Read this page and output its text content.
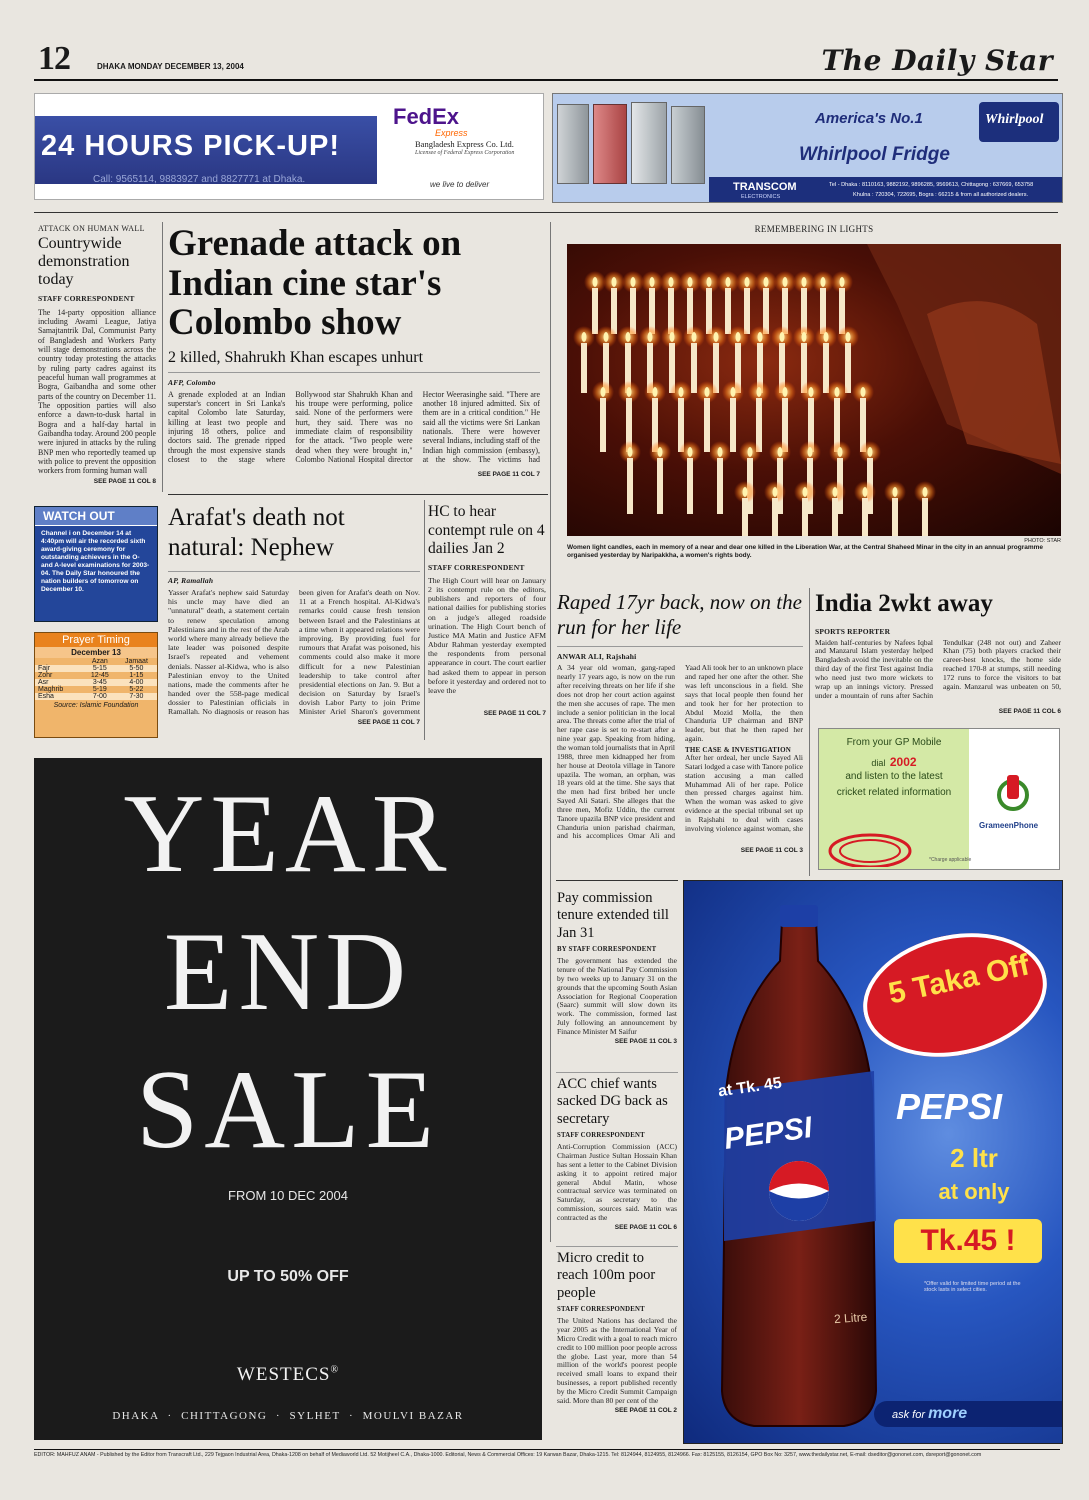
12	DHAKA MONDAY DECEMBER 13, 2004	The Daily Star
24 HOURS PICK-UP!
Call: 9565114, 9883927 and 8827771 at Dhaka.
FedEx
Express
Bangladesh Express Co. Ltd.
Licensee of Federal Express Corporation
we live to deliver
America's No.1
Whirlpool Fridge
Whirlpool
TRANSCOM
ELECTRONICS
Tel - Dhaka : 8110163, 9882192, 9896285, 9569613, Chittagong : 637669, 653758
Khulna : 720304, 722695, Bogra : 66215 & from all authorized dealers.
ATTACK ON HUMAN WALL
Countrywide demonstration today
STAFF CORRESPONDENT
The 14-party opposition alliance including Awami League, Jatiya Samajtantrik Dal, Communist Party of Bangladesh and Workers Party will stage demonstrations across the country today protesting the attacks by ruling party cadres against its peaceful human wall programmes at Bogra, Gaibandha and some other parts of the country on December 11. The opposition parties will also enforce a dawn-to-dusk hartal in Bogra and a half-day hartal in Gaibandha today. Around 200 people were injured in attacks by the ruling BNP men who reportedly teamed up with police to prevent the opposition workers from forming human wall
SEE PAGE 11 COL 8
Grenade attack on Indian cine star's Colombo show
2 killed, Shahrukh Khan escapes unhurt
AFP, Colombo
A grenade exploded at an Indian superstar's concert in Sri Lanka's capital Colombo late Saturday, killing at least two people and injuring 18 others, police and doctors said. The grenade ripped through the most expensive stands closest to the stage where Bollywood star Shahrukh Khan and his troupe were performing, police said. None of the performers were hurt, they said. There was no immediate claim of responsibility for the attack. "Two people were dead when they were brought in," Colombo National Hospital director Hector Weerasinghe said. "There are another 18 injured admitted. Six of them are in a critical condition." He said all the victims were Sri Lankan nationals. There were however several Indians, including staff of the Indian high commission (embassy), at the show. The victims had
SEE PAGE 11 COL 7
REMEMBERING IN LIGHTS
PHOTO: STAR
Women light candles, each in memory of a near and dear one killed in the Liberation War, at the Central Shaheed Minar in the city in an annual programme organised yesterday by Naripakkha, a women's rights body.
WATCH OUT
Channel i on December 14 at 4:40pm will air the recorded sixth award-giving ceremony for outstanding achievers in the O-and A-level examinations for 2003-04. The Daily Star honoured the nation builders of tomorrow on December 10.
Prayer Timing
December 13
	Azan	Jamaat
Fajr	5-15	5-50
Zohr	12-45	1-15
Asr	3-45	4-00
Maghrib	5-19	5-22
Esha	7-00	7-30
Source: Islamic Foundation
Arafat's death not natural: Nephew
AP, Ramallah
Yasser Arafat's nephew said Saturday his uncle may have died an "unnatural" death, a statement certain to renew speculation among Palestinians and in the rest of the Arab world where many already believe the late leader was poisoned despite Israel's repeated and vehement denials. Nasser al-Kidwa, who is also Palestinian envoy to the United nations, made the comments after he handed over the 558-page medical dossier to Palestinian officials in Ramallah. No diagnosis or reason has been given for Arafat's death on Nov. 11 at a French hospital. Al-Kidwa's remarks could cause fresh tension between Israel and the Palestinians at a time when it appeared relations were improving. By providing fuel for rumours that Arafat was poisoned, his comments could also make it more difficult for a new Palestinian leadership to take control after presidential elections on Jan. 9. But a decision on Saturday by Israel's dovish Labor Party to join Prime Minister Ariel Sharon's government
SEE PAGE 11 COL 7
HC to hear contempt rule on 4 dailies Jan 2
STAFF CORRESPONDENT
The High Court will hear on January 2 its contempt rule on the editors, publishers and reporters of four national dailies for publishing stories on a judge's alleged roadside urination. The High Court bench of Justice MA Matin and Justice AFM Abdur Rahman yesterday exempted the respondents from personal appearance in court. The court earlier had asked them to appear in person before it yesterday and ordered not to leave the
SEE PAGE 11 COL 7
Raped 17yr back, now on the run for her life
ANWAR ALI, Rajshahi
A 34 year old woman, gang-raped nearly 17 years ago, is now on the run after receiving threats on her life if she does not drop her court action against the men she accuses of rape. The men include a senior politician in the local area. The threats come after the trial of her rape case is set to re-start after a nine year gap. Speaking from hiding, the woman told journalists that in April 1988, three men kidnapped her from her house at Deotola village in Tanore upazila. The woman, an orphan, was 18 years old at the time. She says that the men had first bribed her uncle Sayed Ali Satari. She alleges that the three men, Mofiz Uddin, the current Tanore upazila BNP vice president and Chanduria union parishad chairman, and his accomplices Omar Ali and Yaad Ali took her to an unknown place and raped her one after the other. She was left unconscious in a field. She says that local people then found her and took her for her protection to Abdul Mozid Molla, the then Chanduria UP chairman and BNP leader, but that he then raped her again.
THE CASE & INVESTIGATION
After her ordeal, her uncle Sayed Ali Satari lodged a case with Tanore police station accusing a man called Muhammad Ali of her rape. Police then pressed charges against him. When the woman was asked to give evidence at the special tribunal set up in Rajshahi to deal with cases involving violence against woman, she
SEE PAGE 11 COL 3
India 2wkt away
SPORTS REPORTER
Maiden half-centuries by Nafees Iqbal and Manzarul Islam yesterday helped Bangladesh avoid the inevitable on the third day of the first Test against India who need just two more wickets to wrap up an innings victory. Pressed under a mountain of runs after Sachin Tendulkar (248 not out) and Zaheer Khan (75) both players cracked their career-best knocks, the home side reached 170-8 at stumps, still needing 172 runs to force the visitors to bat again. Manzarul was unbeaten on 50,
SEE PAGE 11 COL 6
From your GP Mobile
dial 2002
and listen to the latest
cricket related information
GrameenPhone
*Charge applicable
YEAR
END
SALE
FROM 10 DEC 2004
UP TO 50% OFF
WESTECS®
DHAKA  ·  CHITTAGONG  ·  SYLHET  ·  MOULVI BAZAR
Pay commission tenure extended till Jan 31
BY STAFF CORRESPONDENT
The government has extended the tenure of the National Pay Commission by two weeks up to January 31 on the grounds that the upcoming South Asian Association for Regional Cooperation (Saarc) summit will slow down its work. The commission, formed last July following an announcement by Finance Minister M Saifur
SEE PAGE 11 COL 3
ACC chief wants sacked DG back as secretary
STAFF CORRESPONDENT
Anti-Corruption Commission (ACC) Chairman Justice Sultan Hossain Khan has sent a letter to the Cabinet Division asking it to appoint retired major general Abdul Matin, whose contractual service was terminated on Saturday, as secretary to the commission, sources said. Matin was contracted as the
SEE PAGE 11 COL 6
Micro credit to reach 100m poor people
STAFF CORRESPONDENT
The United Nations has declared the year 2005 as the International Year of Micro Credit with a goal to reach micro credit to 100 million poor people across the globe. Last year, more than 54 million of the world's poorest people received small loans to expand their businesses, a report published recently by the Micro Credit Summit Campaign said. More than 80 per cent of the
SEE PAGE 11 COL 2
at Tk. 45
PEPSI
2 Litre
5 Taka Off
PEPSI
2 ltr
at only
Tk.45 !
*Offer valid for limited time period at the stock lasts in select cities.
ask for more
EDITOR: MAHFUZ ANAM - Published by the Editor from Transcraft Ltd., 229 Tejgaon Industrial Area, Dhaka-1208 on behalf of Mediaworld Ltd. 52 Motijheel C.A., Dhaka-1000. Editorial, News & Commercial Offices: 19 Karwan Bazar, Dhaka-1215. Tel: 8124944, 8124955, 8124966. Fax: 8125155, 8126154, GPO Box No: 3257, www.thedailystar.net, E-mail: dseditor@gononet.com, dsreport@gononet.com
